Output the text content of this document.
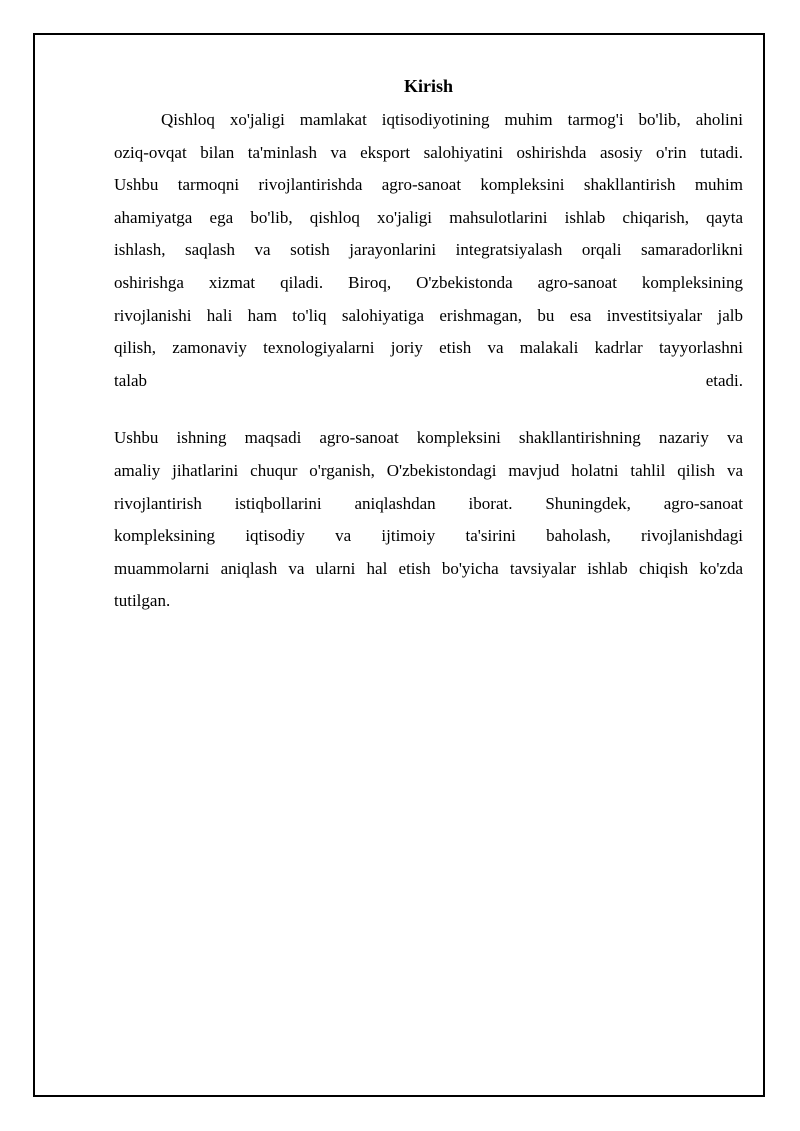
Kirish
Qishloq xo'jaligi mamlakat iqtisodiyotining muhim tarmog'i bo'lib, aholini
oziq-ovqat bilan ta'minlash va eksport salohiyatini oshirishda asosiy o'rin tutadi.
Ushbu tarmoqni rivojlantirishda agro-sanoat kompleksini shakllantirish muhim
ahamiyatga ega bo'lib, qishloq xo'jaligi mahsulotlarini ishlab chiqarish, qayta
ishlash, saqlash va sotish jarayonlarini integratsiyalash orqali samaradorlikni
oshirishga xizmat qiladi. Biroq, O'zbekistonda agro-sanoat kompleksining
rivojlanishi hali ham to'liq salohiyatiga erishmagan, bu esa investitsiyalar jalb
qilish, zamonaviy texnologiyalarni joriy etish va malakali kadrlar tayyorlashni
talab etadi.
Ushbu ishning maqsadi agro-sanoat kompleksini shakllantirishning nazariy va
amaliy jihatlarini chuqur o'rganish, O'zbekistondagi mavjud holatni tahlil qilish va
rivojlantirish istiqbollarini aniqlashdan iborat. Shuningdek, agro-sanoat
kompleksining iqtisodiy va ijtimoiy ta'sirini baholash, rivojlanishdagi
muammolarni aniqlash va ularni hal etish bo'yicha tavsiyalar ishlab chiqish ko'zda
tutilgan.
